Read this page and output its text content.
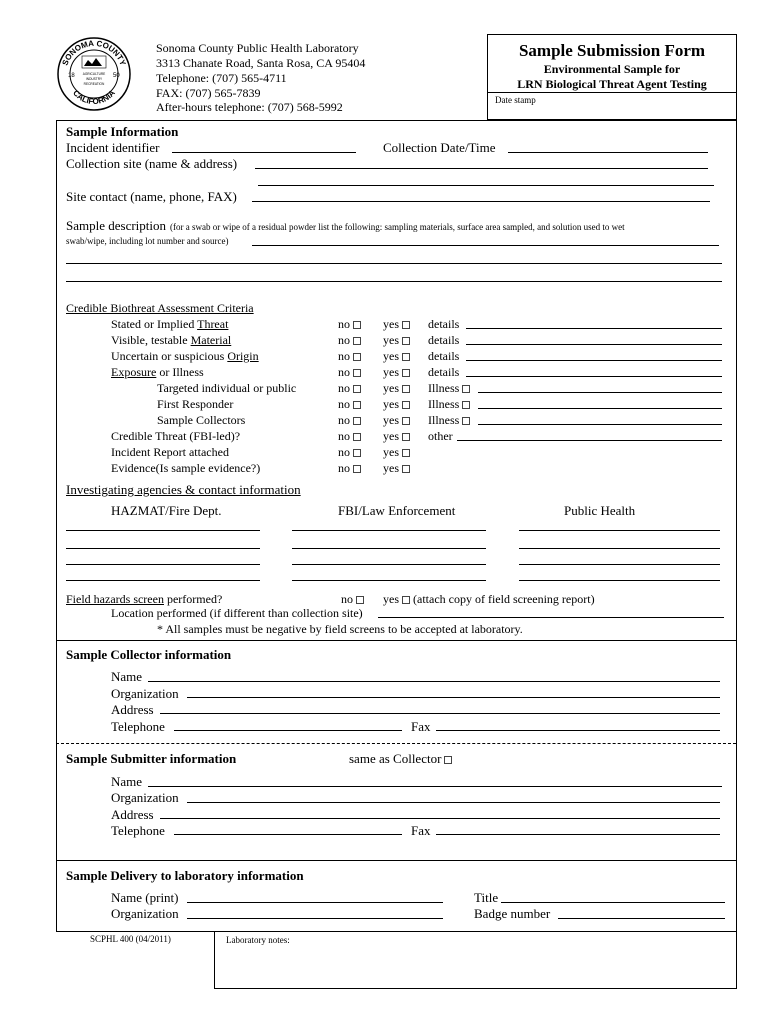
SONOMA COUNTY
CALIFORNIA
18	50
AGRICULTURE
INDUSTRY
RECREATION
Sonoma County Public Health Laboratory
3313 Chanate Road, Santa Rosa, CA 95404
Telephone: (707) 565-4711
FAX: (707) 565-7839
After-hours telephone: (707) 568-5992
Sample Submission Form
Environmental Sample for
LRN Biological Threat Agent Testing
Date stamp
Sample Information
Incident identifier	Collection Date/Time
Collection site (name & address)
Site contact (name, phone, FAX)
Sample description (for a swab or wipe of a residual powder list the following: sampling materials, surface area sampled, and solution used to wet
swab/wipe, including lot number and source)
Credible Biothreat Assessment Criteria
Stated or Implied Threat	no	yes	details
Visible, testable Material	no	yes	details
Uncertain or suspicious Origin	no	yes	details
Exposure or Illness	no	yes	details
Targeted individual or public	no	yes	Illness
First Responder	no	yes	Illness
Sample Collectors	no	yes	Illness
Credible Threat (FBI-led)?	no	yes	other
Incident Report attached	no	yes
Evidence(Is sample evidence?)	no	yes
Investigating agencies & contact information
HAZMAT/Fire Dept.	FBI/Law Enforcement	Public Health
Field hazards screen performed?	no	yes (attach copy of field screening report)
Location performed (if different than collection site)
* All samples must be negative by field screens to be accepted at laboratory.
Sample Collector information
Name
Organization
Address
Telephone	Fax
Sample Submitter information	same as Collector
Name
Organization
Address
Telephone	Fax
Sample Delivery to laboratory information
Name (print)	Title
Organization	Badge number
SCPHL 400 (04/2011)	Laboratory notes:
